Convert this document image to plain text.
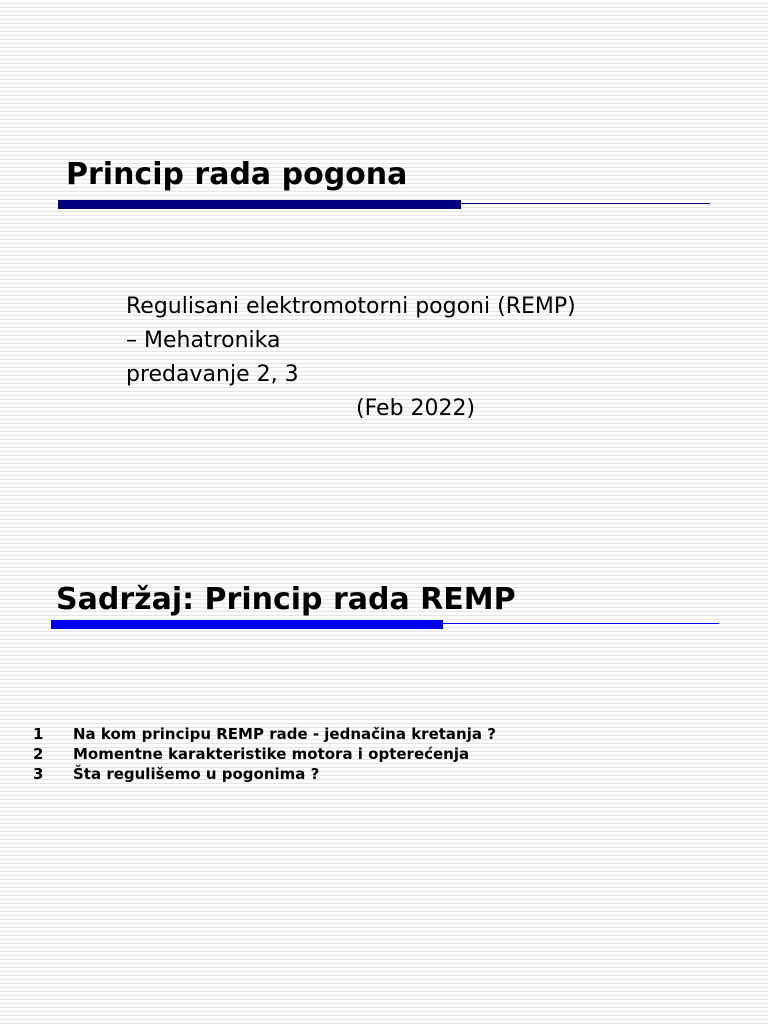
Princip rada pogona
Regulisani elektromotorni pogoni (REMP)
– Mehatronika
predavanje 2, 3
(Feb 2022)
Sadržaj: Princip rada REMP
1	Na kom principu REMP rade - jednačina kretanja ?
2	Momentne karakteristike motora i opterećenja
3	Šta regulišemo u pogonima ?
